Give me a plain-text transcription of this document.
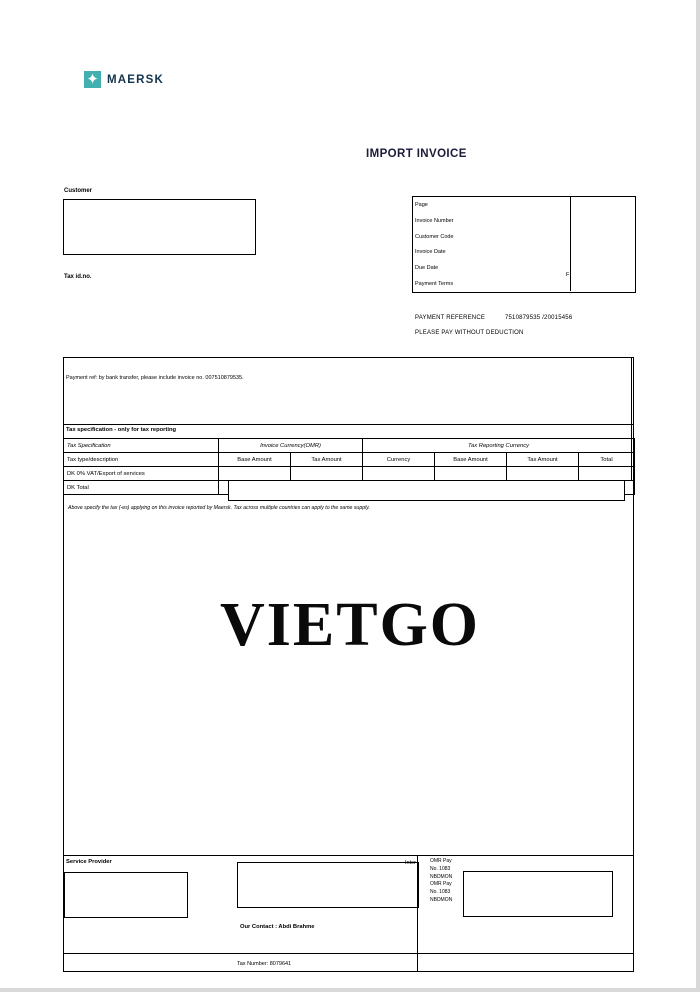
✦ MAERSK
IMPORT INVOICE
Customer
Tax id.no.
Page
Invoice Number
Customer Code
Invoice Date
Due Date
Payment Terms
F
PAYMENT REFERENCE	7510879535 /20015456
PLEASE PAY WITHOUT DEDUCTION
Payment ref: by bank transfer, please include invoice no. 007510879535.
Tax specification - only for tax reporting
Tax Specification	Invoice Currency(OMR)		Tax Reporting Currency			
Tax type/description	Base Amount	Tax Amount	Currency	Base Amount	Tax Amount	Total
DK 0% VAT/Export of services						
DK Total						
Above specify the tax (-es) applying on this invoice reported by Maersk. Tax across multiple countries can apply to the same supply.
VIETGO
Service Provider	Inter	OMR Pay
No. 1083
NBDMON
OMR Pay
No. 1083
NBDMON
Our Contact : Abdi Brahme
Tax Number: 8079641
